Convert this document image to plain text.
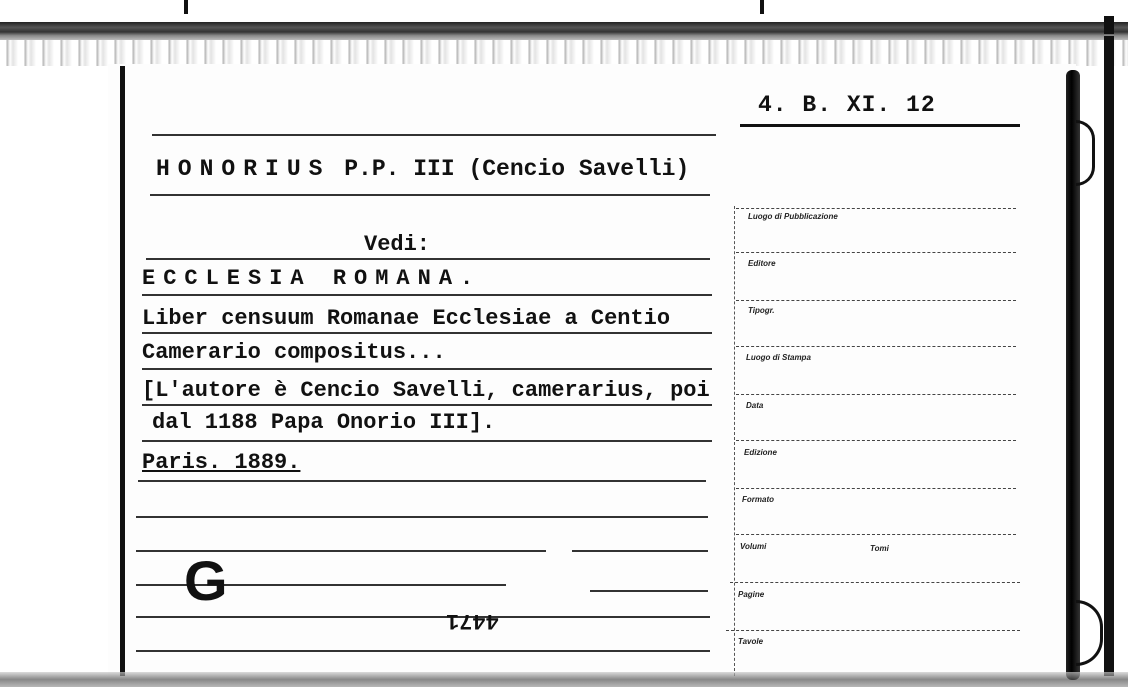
4. B. XI. 12
HONORIUS P.P. III (Cencio Savelli)
Vedi:
ECCLESIA ROMANA.
Liber censuum Romanae Ecclesiae a Centio
Camerario compositus...
[L'autore è Cencio Savelli, camerarius, poi
dal 1188 Papa Onorio III].
Paris. 1889.
G
4471
Luogo di Pubblicazione
Editore
Tipogr.
Luogo di Stampa
Data
Edizione
Formato
Volumi	Tomi
Pagine
Tavole
